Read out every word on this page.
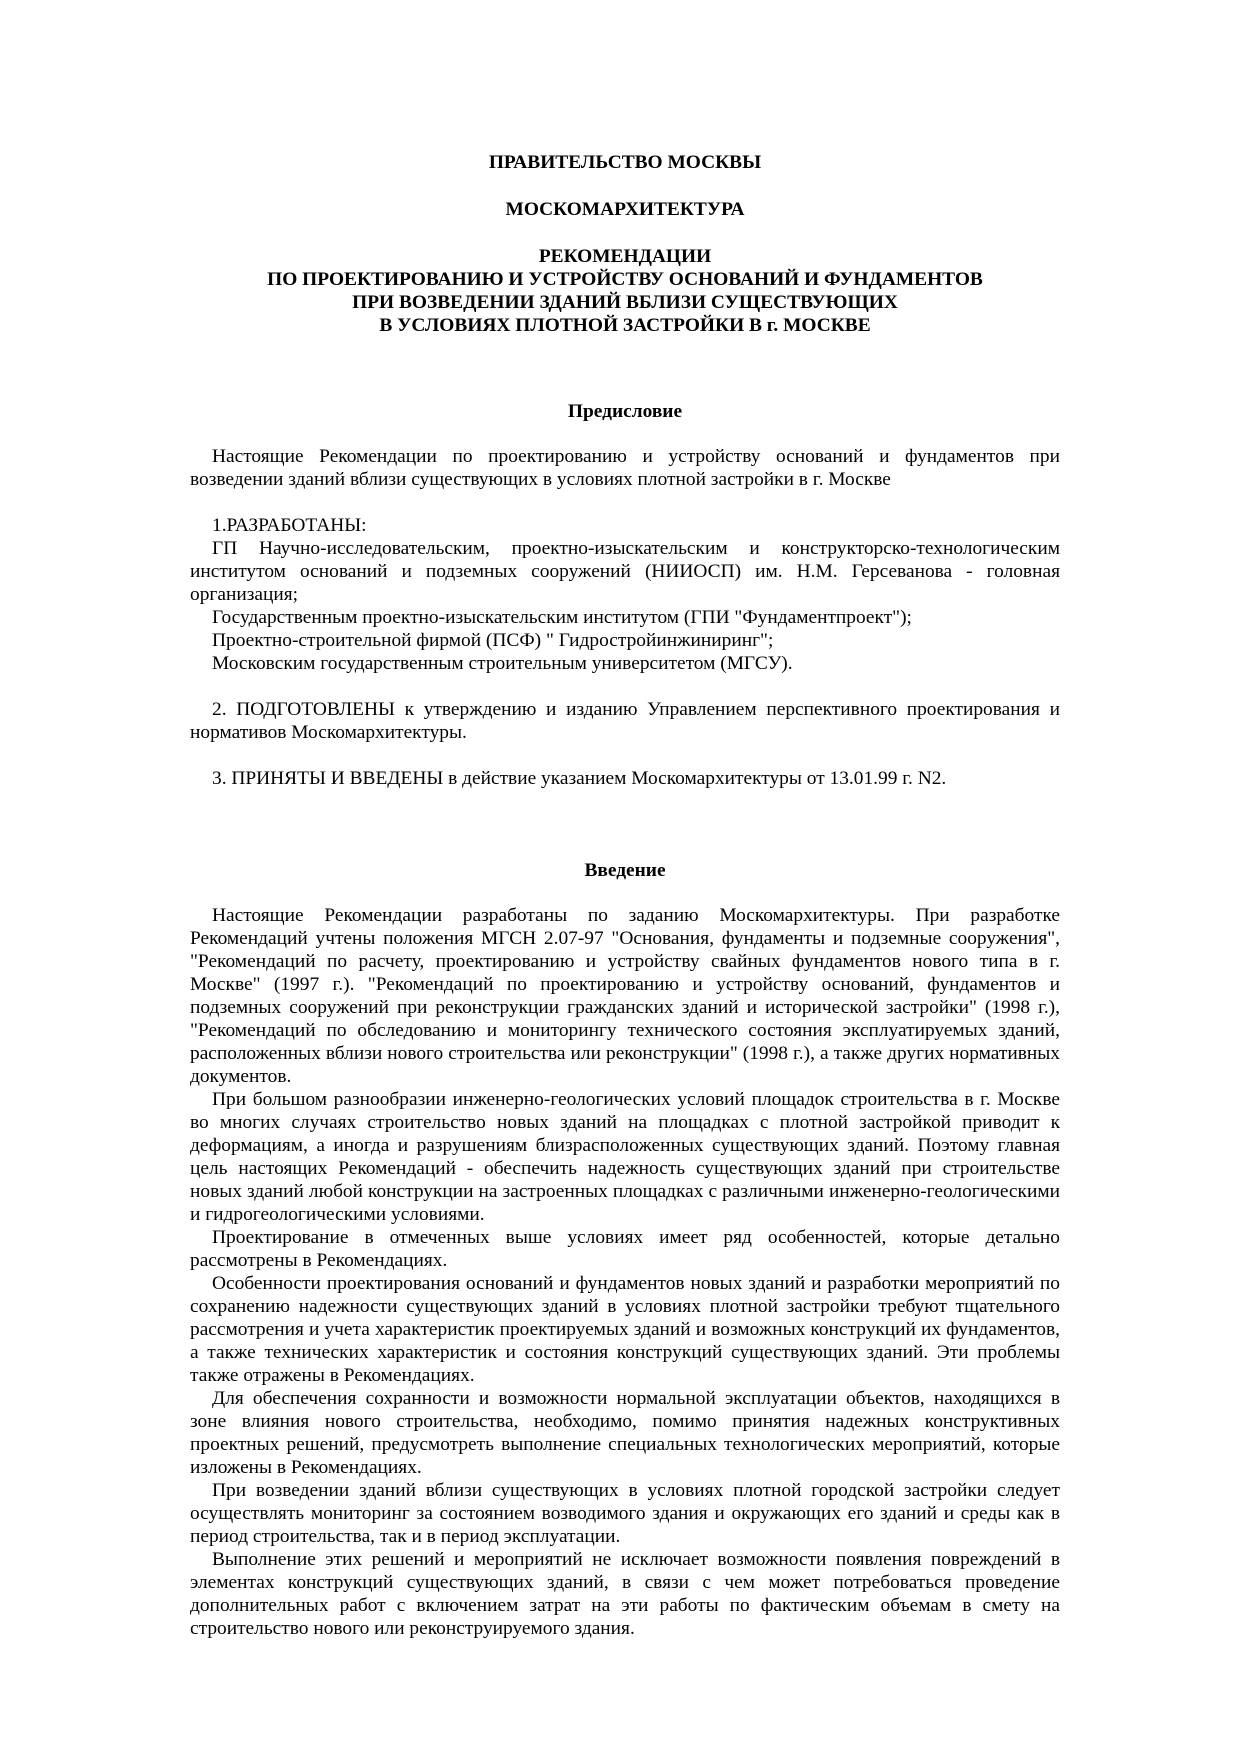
ПРАВИТЕЛЬСТВО МОСКВЫ
МОСКОМАРХИТЕКТУРА
РЕКОМЕНДАЦИИ
ПО ПРОЕКТИРОВАНИЮ И УСТРОЙСТВУ ОСНОВАНИЙ И ФУНДАМЕНТОВ
ПРИ ВОЗВЕДЕНИИ ЗДАНИЙ ВБЛИЗИ СУЩЕСТВУЮЩИХ
В УСЛОВИЯХ ПЛОТНОЙ ЗАСТРОЙКИ В г. МОСКВЕ
Предисловие

Настоящие Рекомендации по проектированию и устройству оснований и фундаментов при возведении зданий вблизи существующих в условиях плотной застройки в г. Москве

1.РАЗРАБОТАНЫ:

ГП Научно-исследовательским, проектно-изыскательским и конструкторско-технологическим институтом оснований и подземных сооружений (НИИОСП) им. Н.М. Герсеванова - головная организация;

Государственным проектно-изыскательским институтом (ГПИ "Фундаментпроект");

Проектно-строительной фирмой (ПСФ) " Гидростройинжиниринг";

Московским государственным строительным университетом (МГСУ).

2. ПОДГОТОВЛЕНЫ к утверждению и изданию Управлением перспективного проектирования и нормативов Москомархитектуры.

3. ПРИНЯТЫ И ВВЕДЕНЫ в действие указанием Москомархитектуры от 13.01.99 г. N2.

Введение

Настоящие Рекомендации разработаны по заданию Москомархитектуры. При разработке Рекомендаций учтены положения МГСН 2.07-97 "Основания, фундаменты и подземные сооружения", "Рекомендаций по расчету, проектированию и устройству свайных фундаментов нового типа в г. Москве" (1997 г.). "Рекомендаций по проектированию и устройству оснований, фундаментов и подземных сооружений при реконструкции гражданских зданий и исторической застройки" (1998 г.), "Рекомендаций по обследованию и мониторингу технического состояния эксплуатируемых зданий, расположенных вблизи нового строительства или реконструкции" (1998 г.), а также других нормативных документов.

При большом разнообразии инженерно-геологических условий площадок строительства в г. Москве во многих случаях строительство новых зданий на площадках с плотной застройкой приводит к деформациям, а иногда и разрушениям близрасположенных существующих зданий. Поэтому главная цель настоящих Рекомендаций - обеспечить надежность существующих зданий при строительстве новых зданий любой конструкции на застроенных площадках с различными инженерно-геологическими и гидрогеологическими условиями.

Проектирование в отмеченных выше условиях имеет ряд особенностей, которые детально рассмотрены в Рекомендациях.

Особенности проектирования оснований и фундаментов новых зданий и разработки мероприятий по сохранению надежности существующих зданий в условиях плотной застройки требуют тщательного рассмотрения и учета характеристик проектируемых зданий и возможных конструкций их фундаментов, а также технических характеристик и состояния конструкций существующих зданий. Эти проблемы также отражены в Рекомендациях.

Для обеспечения сохранности и возможности нормальной эксплуатации объектов, находящихся в зоне влияния нового строительства, необходимо, помимо принятия надежных конструктивных проектных решений, предусмотреть выполнение специальных технологических мероприятий, которые изложены в Рекомендациях.

При возведении зданий вблизи существующих в условиях плотной городской застройки следует осуществлять мониторинг за состоянием возводимого здания и окружающих его зданий и среды как в период строительства, так и в период эксплуатации.

Выполнение этих решений и мероприятий не исключает возможности появления повреждений в элементах конструкций существующих зданий, в связи с чем может потребоваться проведение дополнительных работ с включением затрат на эти работы по фактическим объемам в смету на строительство нового или реконструируемого здания.
